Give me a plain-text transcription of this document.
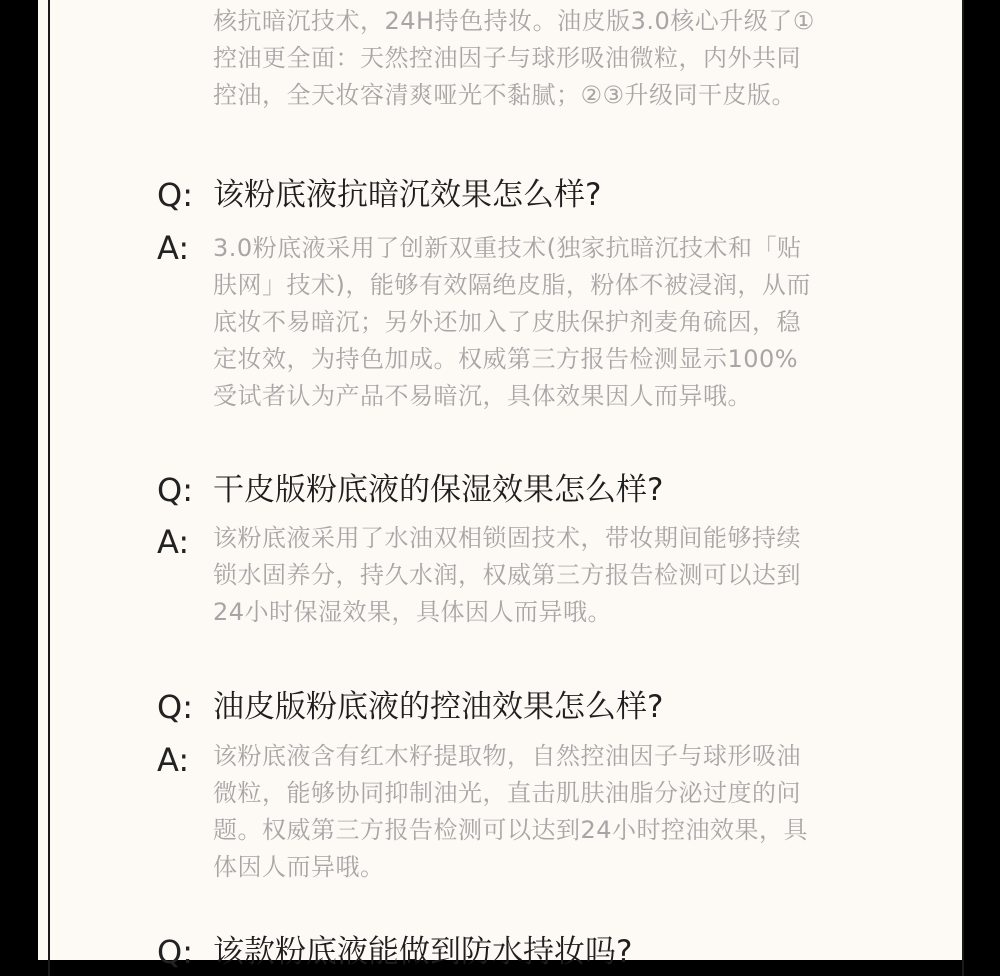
核抗暗沉技术，24H持色持妆。油皮版3.0核心升级了①
控油更全面：天然控油因子与球形吸油微粒，内外共同
控油，全天妆容清爽哑光不黏腻；②③升级同干皮版。

Q: 该粉底液抗暗沉效果怎么样?

A: 3.0粉底液采用了创新双重技术(独家抗暗沉技术和「贴
肤网」技术)，能够有效隔绝皮脂，粉体不被浸润，从而
底妆不易暗沉；另外还加入了皮肤保护剂麦角硫因，稳
定妆效，为持色加成。权威第三方报告检测显示100%
受试者认为产品不易暗沉，具体效果因人而异哦。

Q: 干皮版粉底液的保湿效果怎么样?

A: 该粉底液采用了水油双相锁固技术，带妆期间能够持续
锁水固养分，持久水润，权威第三方报告检测可以达到
24小时保湿效果，具体因人而异哦。

Q: 油皮版粉底液的控油效果怎么样?

A: 该粉底液含有红木籽提取物，自然控油因子与球形吸油
微粒，能够协同抑制油光，直击肌肤油脂分泌过度的问
题。权威第三方报告检测可以达到24小时控油效果，具
体因人而异哦。

Q: 该款粉底液能做到防水持妆吗?
